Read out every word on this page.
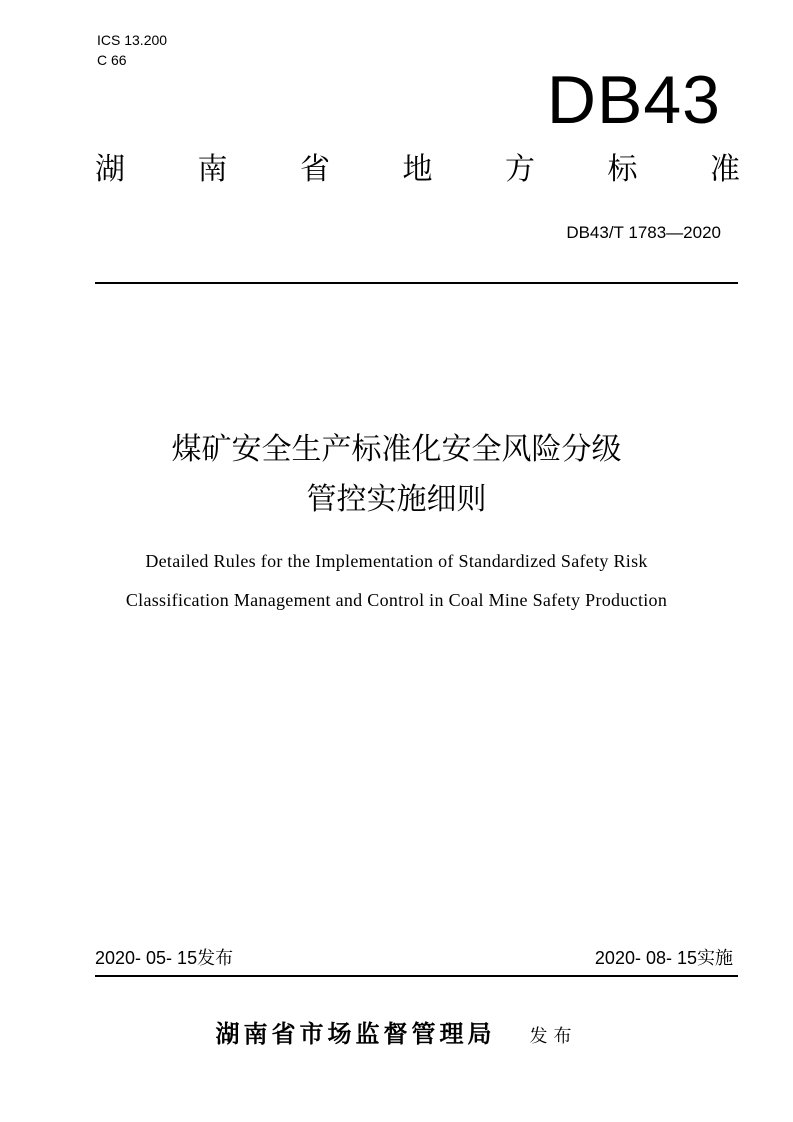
ICS 13.200
C 66
DB43
湖 南 省 地 方 标 准
DB43/T 1783—2020
煤矿安全生产标准化安全风险分级
管控实施细则
Detailed Rules for the Implementation of Standardized Safety Risk
Classification Management and Control in Coal Mine Safety Production
2020- 05- 15发布	2020- 08- 15实施
湖南省市场监督管理局 发布
